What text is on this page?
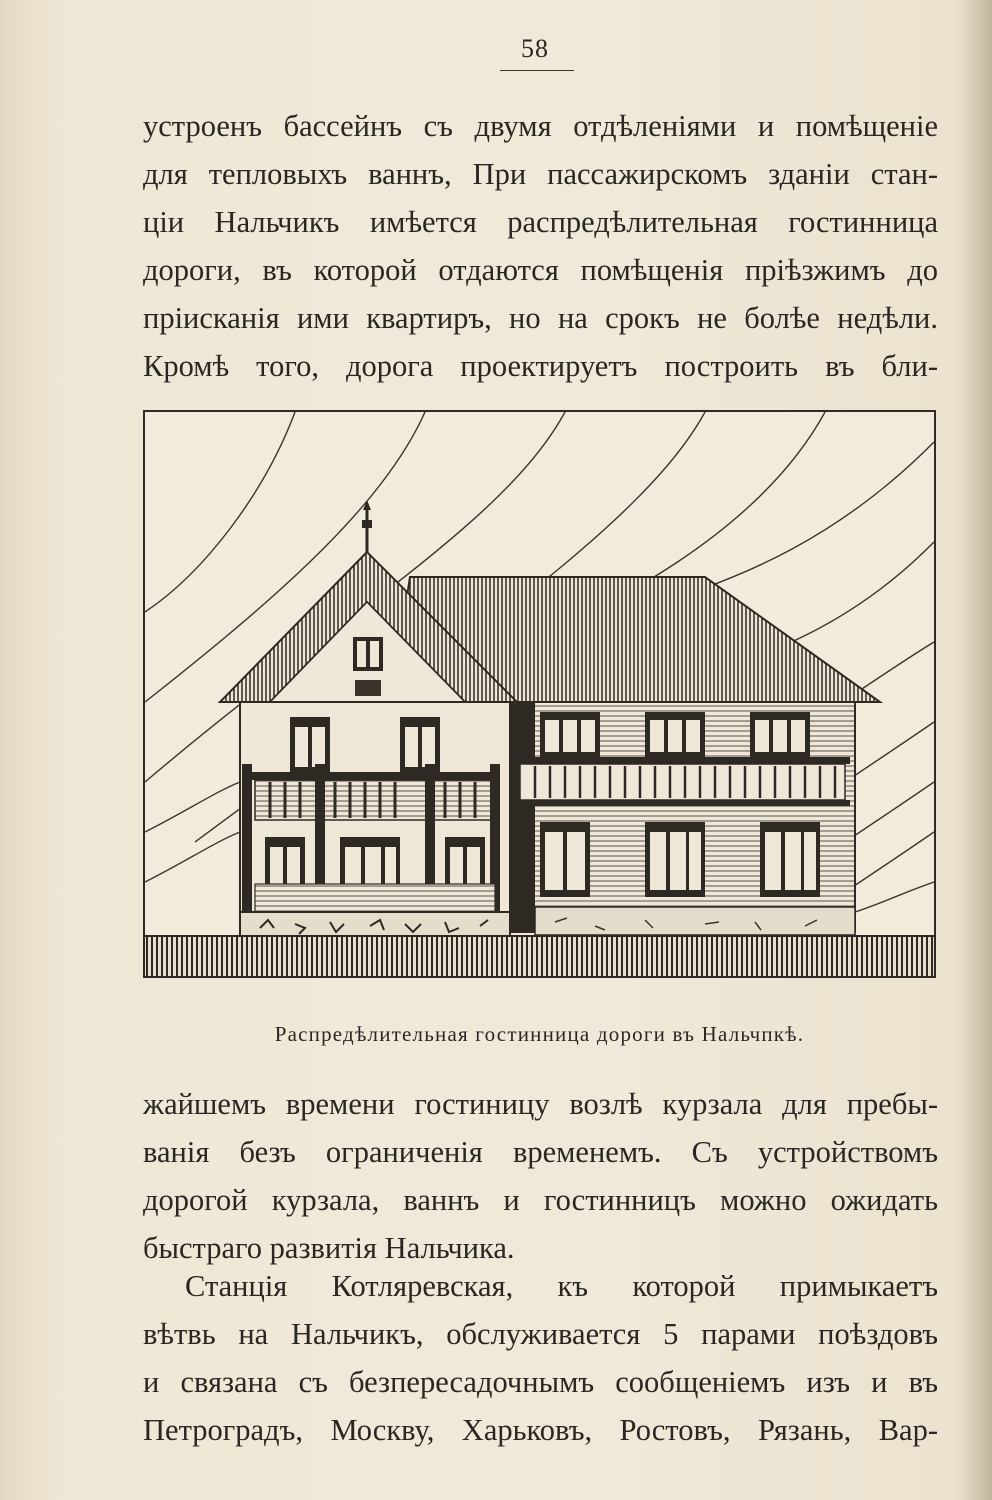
58
устроенъ бассейнъ съ двумя отдѣленіями и помѣщеніе
для тепловыхъ ваннъ, При пассажирскомъ зданіи стан-
ціи Нальчикъ имѣется распредѣлительная гостинница
дороги, въ которой отдаются помѣщенія пріѣзжимъ до
пріисканія ими квартиръ, но на срокъ не болѣе недѣли.
Кромѣ того, дорога проектируетъ построить въ бли-
Распредѣлительная гостинница дороги въ Нальчпкѣ.
жайшемъ времени гостиницу возлѣ курзала для пребы-
ванія безъ ограниченія временемъ. Съ устройствомъ
дорогой курзала, ваннъ и гостинницъ можно ожидать
быстраго развитія Нальчика.
Станція Котляревская, къ которой примыкаетъ
вѣтвь на Нальчикъ, обслуживается 5 парами поѣздовъ
и связана съ безпересадочнымъ сообщеніемъ изъ и въ
Петроградъ, Москву, Харьковъ, Ростовъ, Рязань, Вар-
